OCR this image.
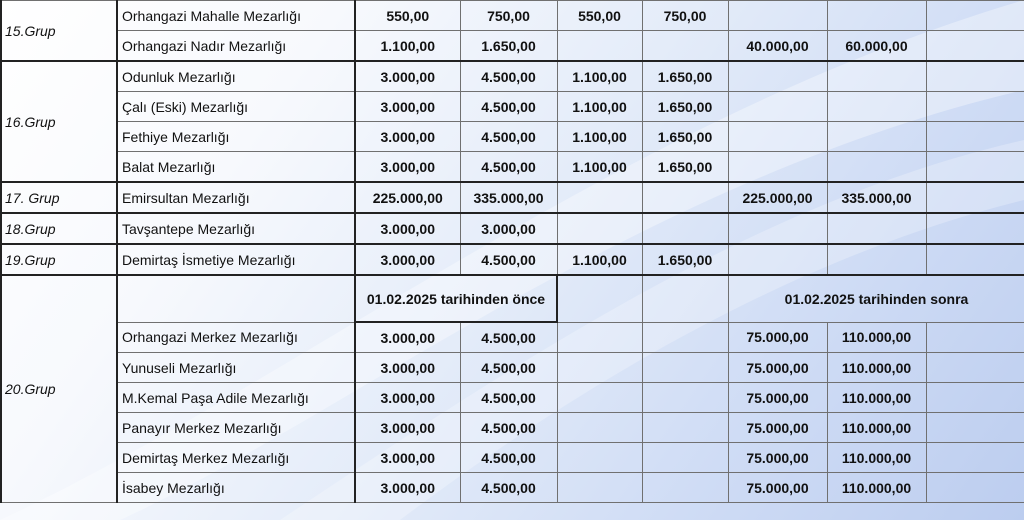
15.Grup	Orhangazi Mahalle Mezarlığı	550,00	750,00	550,00	750,00			
	Orhangazi Nadır Mezarlığı	1.100,00	1.650,00			40.000,00	60.000,00	
16.Grup	Odunluk Mezarlığı	3.000,00	4.500,00	1.100,00	1.650,00			
	Çalı (Eski) Mezarlığı	3.000,00	4.500,00	1.100,00	1.650,00			
	Fethiye Mezarlığı	3.000,00	4.500,00	1.100,00	1.650,00			
	Balat Mezarlığı	3.000,00	4.500,00	1.100,00	1.650,00			
17. Grup	Emirsultan Mezarlığı	225.000,00	335.000,00			225.000,00	335.000,00	
18.Grup	Tavşantepe Mezarlığı	3.000,00	3.000,00					
19.Grup	Demirtaş İsmetiye Mezarlığı	3.000,00	4.500,00	1.100,00	1.650,00			
20.Grup		01.02.2025 tarihinden önce				01.02.2025 tarihinden sonra		
	Orhangazi Merkez Mezarlığı	3.000,00	4.500,00			75.000,00	110.000,00	
	Yunuseli Mezarlığı	3.000,00	4.500,00			75.000,00	110.000,00	
	M.Kemal Paşa Adile Mezarlığı	3.000,00	4.500,00			75.000,00	110.000,00	
	Panayır Merkez Mezarlığı	3.000,00	4.500,00			75.000,00	110.000,00	
	Demirtaş Merkez Mezarlığı	3.000,00	4.500,00			75.000,00	110.000,00	
	İsabey Mezarlığı	3.000,00	4.500,00			75.000,00	110.000,00	
